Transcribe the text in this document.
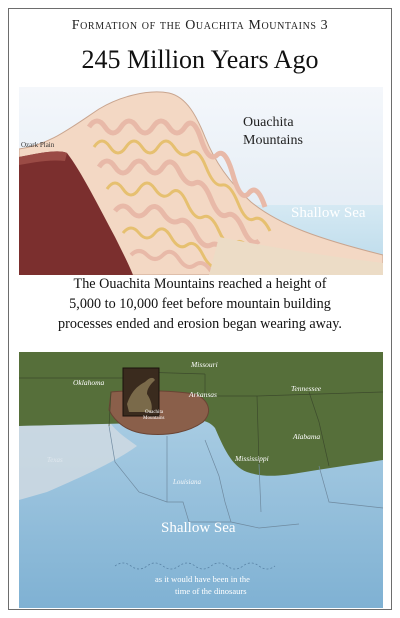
Formation of the Ouachita Mountains 3
245 Million Years Ago
Ozark Plain
Ouachita
Mountains
Shallow Sea
The Ouachita Mountains reached a height of
5,000 to 10,000 feet before mountain building
processes ended and erosion began wearing away.
Missouri
Oklahoma
Arkansas
Tennessee
Alabama
Mississippi
Texas
Louisiana
Ouachita
Mountains
Shallow Sea
as it would have been in the
time of the dinosaurs
